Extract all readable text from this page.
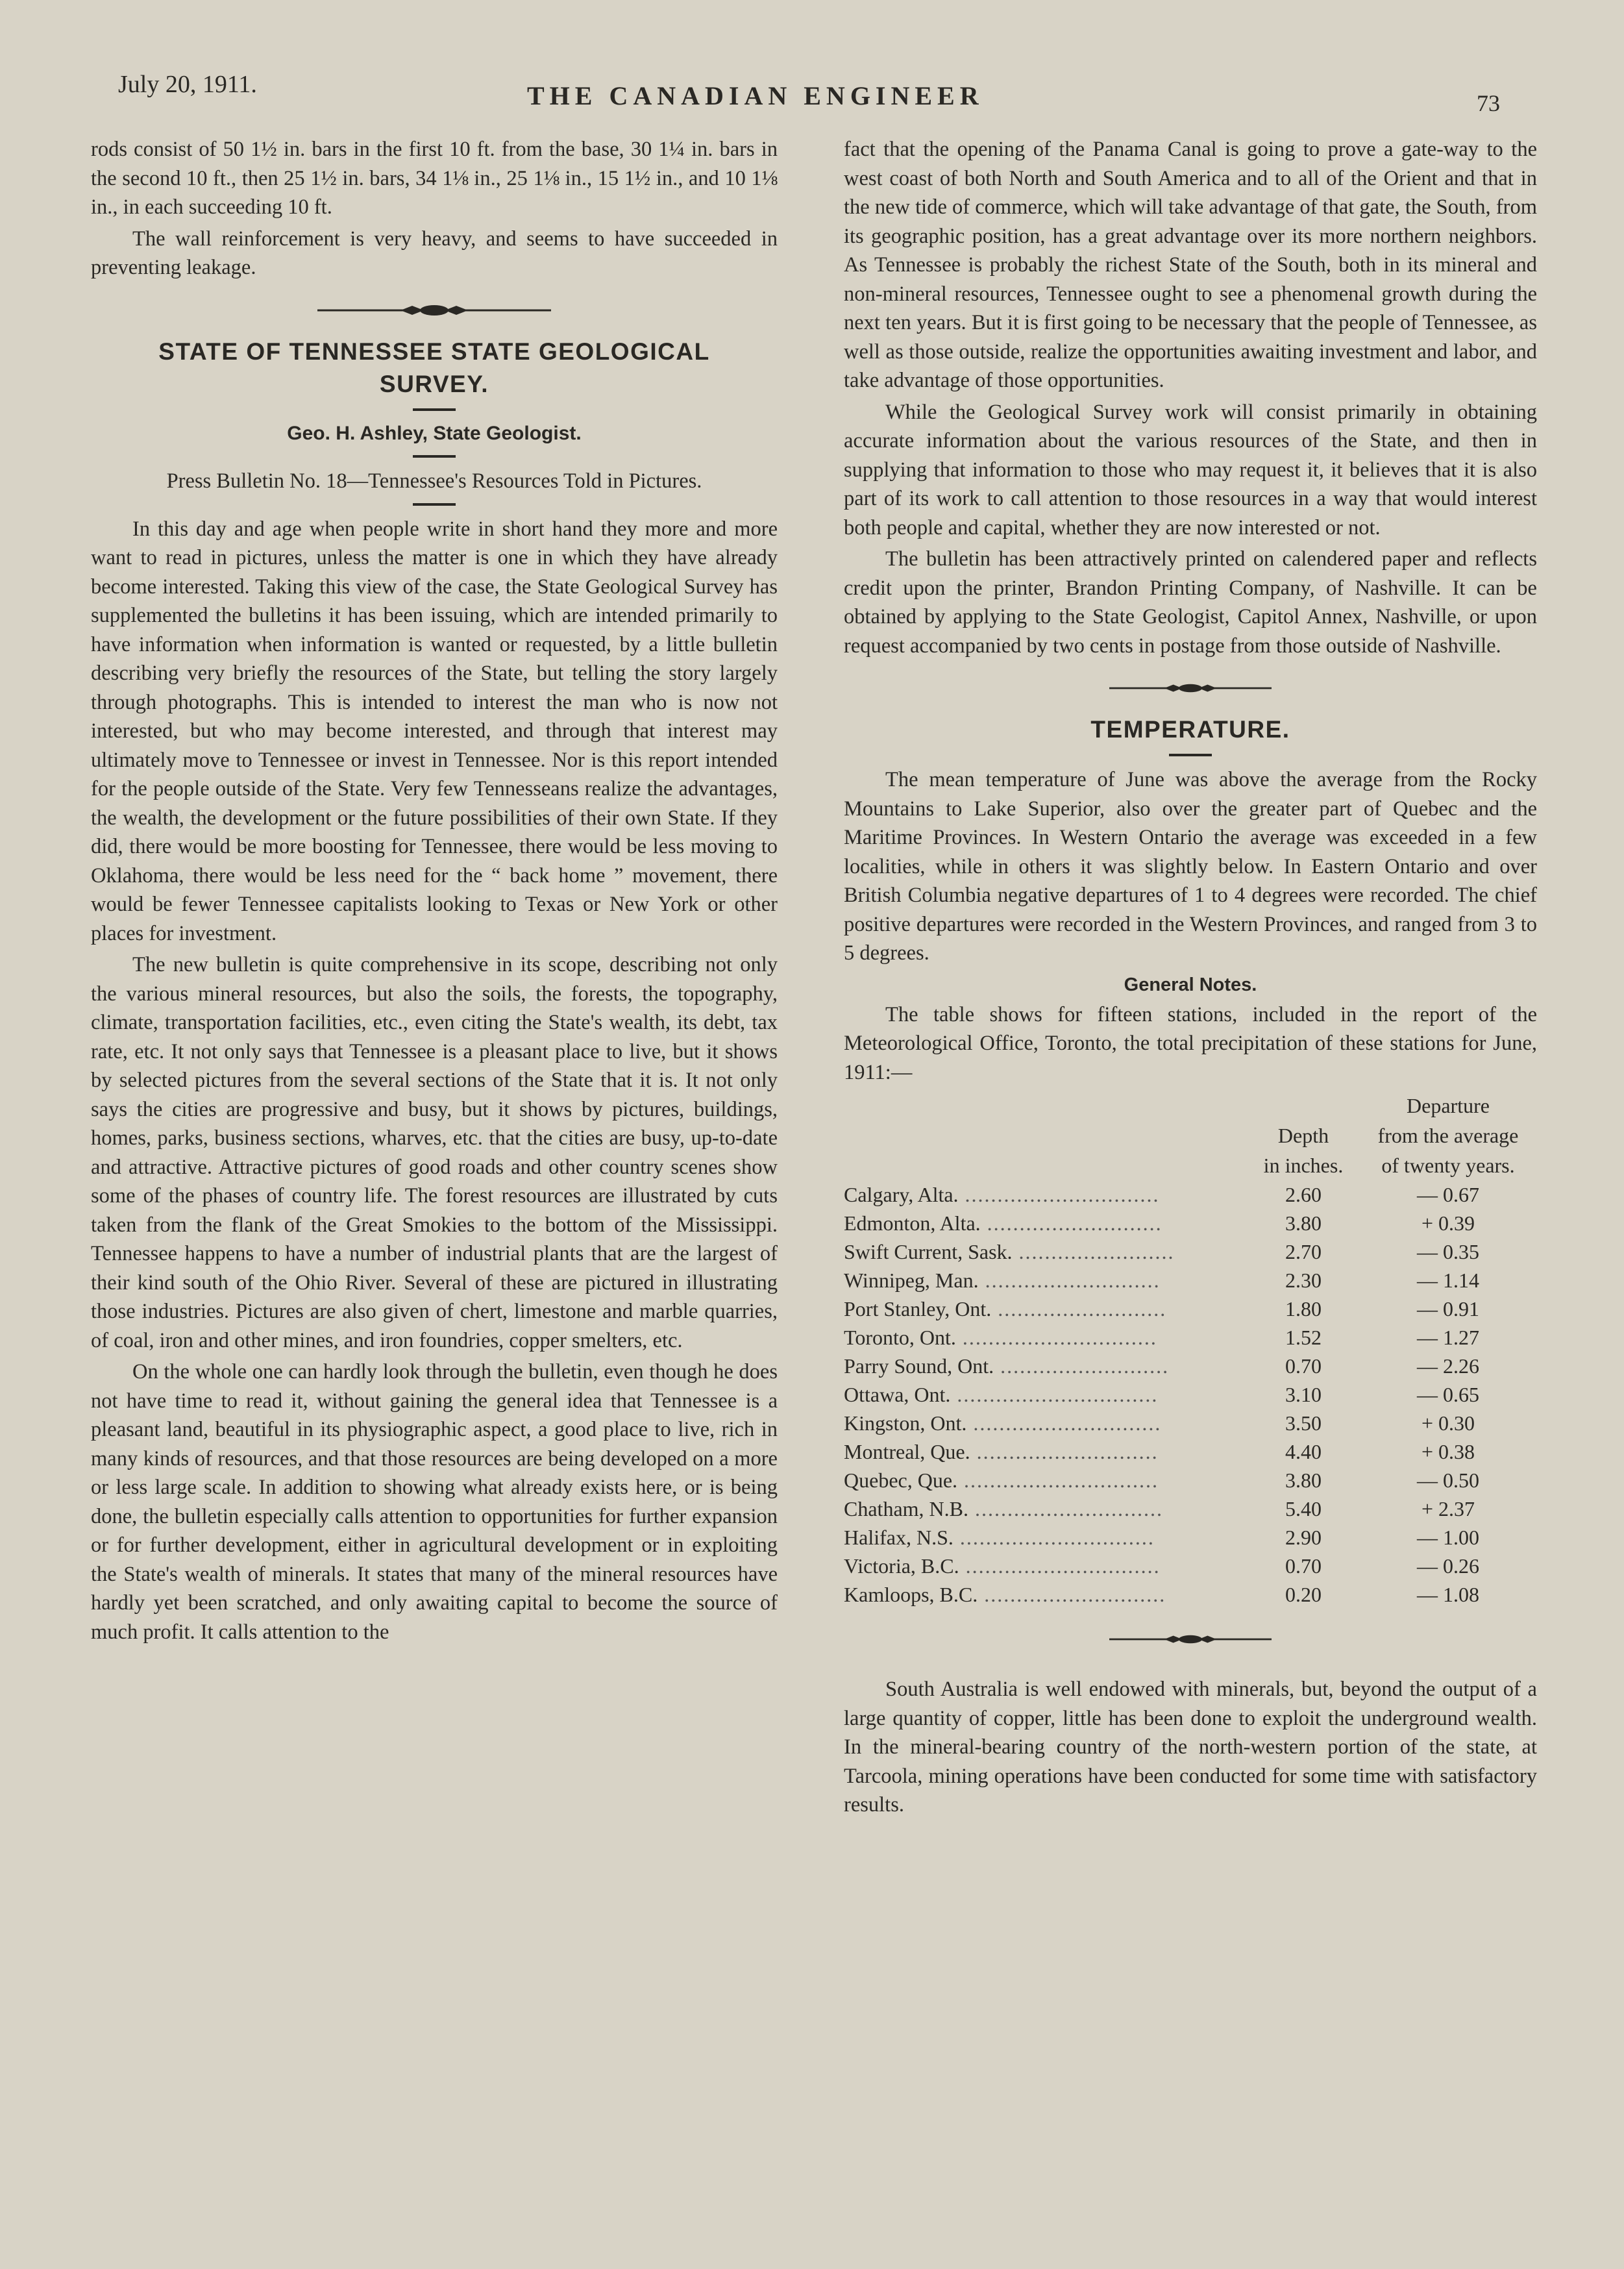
July 20, 1911.	THE CANADIAN ENGINEER	73

rods consist of 50 1½ in. bars in the first 10 ft. from the base, 30 1¼ in. bars in the second 10 ft., then 25 1½ in. bars, 34 1⅛ in., 25 1⅛ in., 15 1½ in., and 10 1⅛ in., in each succeeding 10 ft.

The wall reinforcement is very heavy, and seems to have succeeded in preventing leakage.

STATE OF TENNESSEE STATE GEOLOGICAL SURVEY.
Geo. H. Ashley, State Geologist.
Press Bulletin No. 18—Tennessee's Resources Told in Pictures.

In this day and age when people write in short hand they more and more want to read in pictures, unless the matter is one in which they have already become interested. Taking this view of the case, the State Geological Survey has supplemented the bulletins it has been issuing, which are intended primarily to have information when information is wanted or requested, by a little bulletin describing very briefly the resources of the State, but telling the story largely through photographs. This is intended to interest the man who is now not interested, but who may become interested, and through that interest may ultimately move to Tennessee or invest in Tennessee. Nor is this report intended for the people outside of the State. Very few Tennesseans realize the advantages, the wealth, the development or the future possibilities of their own State. If they did, there would be more boosting for Tennessee, there would be less moving to Oklahoma, there would be less need for the “ back home ” movement, there would be fewer Tennessee capitalists looking to Texas or New York or other places for investment.

The new bulletin is quite comprehensive in its scope, describing not only the various mineral resources, but also the soils, the forests, the topography, climate, transportation facilities, etc., even citing the State's wealth, its debt, tax rate, etc. It not only says that Tennessee is a pleasant place to live, but it shows by selected pictures from the several sections of the State that it is. It not only says the cities are progressive and busy, but it shows by pictures, buildings, homes, parks, business sections, wharves, etc. that the cities are busy, up-to-date and attractive. Attractive pictures of good roads and other country scenes show some of the phases of country life. The forest resources are illustrated by cuts taken from the flank of the Great Smokies to the bottom of the Mississippi. Tennessee happens to have a number of industrial plants that are the largest of their kind south of the Ohio River. Several of these are pictured in illustrating those industries. Pictures are also given of chert, limestone and marble quarries, of coal, iron and other mines, and iron foundries, copper smelters, etc.

On the whole one can hardly look through the bulletin, even though he does not have time to read it, without gaining the general idea that Tennessee is a pleasant land, beautiful in its physiographic aspect, a good place to live, rich in many kinds of resources, and that those resources are being developed on a more or less large scale. In addition to showing what already exists here, or is being done, the bulletin especially calls attention to opportunities for further expansion or for further development, either in agricultural development or in exploiting the State's wealth of minerals. It states that many of the mineral resources have hardly yet been scratched, and only awaiting capital to become the source of much profit. It calls attention to the

fact that the opening of the Panama Canal is going to prove a gate-way to the west coast of both North and South America and to all of the Orient and that in the new tide of commerce, which will take advantage of that gate, the South, from its geographic position, has a great advantage over its more northern neighbors. As Tennessee is probably the richest State of the South, both in its mineral and non-mineral resources, Tennessee ought to see a phenomenal growth during the next ten years. But it is first going to be necessary that the people of Tennessee, as well as those outside, realize the opportunities awaiting investment and labor, and take advantage of those opportunities.

While the Geological Survey work will consist primarily in obtaining accurate information about the various resources of the State, and then in supplying that information to those who may request it, it believes that it is also part of its work to call attention to those resources in a way that would interest both people and capital, whether they are now interested or not.

The bulletin has been attractively printed on calendered paper and reflects credit upon the printer, Brandon Printing Company, of Nashville. It can be obtained by applying to the State Geologist, Capitol Annex, Nashville, or upon request accompanied by two cents in postage from those outside of Nashville.

TEMPERATURE.

The mean temperature of June was above the average from the Rocky Mountains to Lake Superior, also over the greater part of Quebec and the Maritime Provinces. In Western Ontario the average was exceeded in a few localities, while in others it was slightly below. In Eastern Ontario and over British Columbia negative departures of 1 to 4 degrees were recorded. The chief positive departures were recorded in the Western Provinces, and ranged from 3 to 5 degrees.

General Notes.

The table shows for fifteen stations, included in the report of the Meteorological Office, Toronto, the total precipitation of these stations for June, 1911:—

		Departure
	Depth	from the average
	in inches.	of twenty years.
Calgary, Alta. ..............................	2.60	— 0.67
Edmonton, Alta. ...........................	3.80	+ 0.39
Swift Current, Sask. ........................	2.70	— 0.35
Winnipeg, Man. ...........................	2.30	— 1.14
Port Stanley, Ont. ..........................	1.80	— 0.91
Toronto, Ont. ..............................	1.52	— 1.27
Parry Sound, Ont. ..........................	0.70	— 2.26
Ottawa, Ont. ...............................	3.10	— 0.65
Kingston, Ont. .............................	3.50	+ 0.30
Montreal, Que. ............................	4.40	+ 0.38
Quebec, Que. ..............................	3.80	— 0.50
Chatham, N.B. .............................	5.40	+ 2.37
Halifax, N.S. ..............................	2.90	— 1.00
Victoria, B.C. ..............................	0.70	— 0.26
Kamloops, B.C. ............................	0.20	— 1.08

South Australia is well endowed with minerals, but, beyond the output of a large quantity of copper, little has been done to exploit the underground wealth. In the mineral-bearing country of the north-western portion of the state, at Tarcoola, mining operations have been conducted for some time with satisfactory results.
